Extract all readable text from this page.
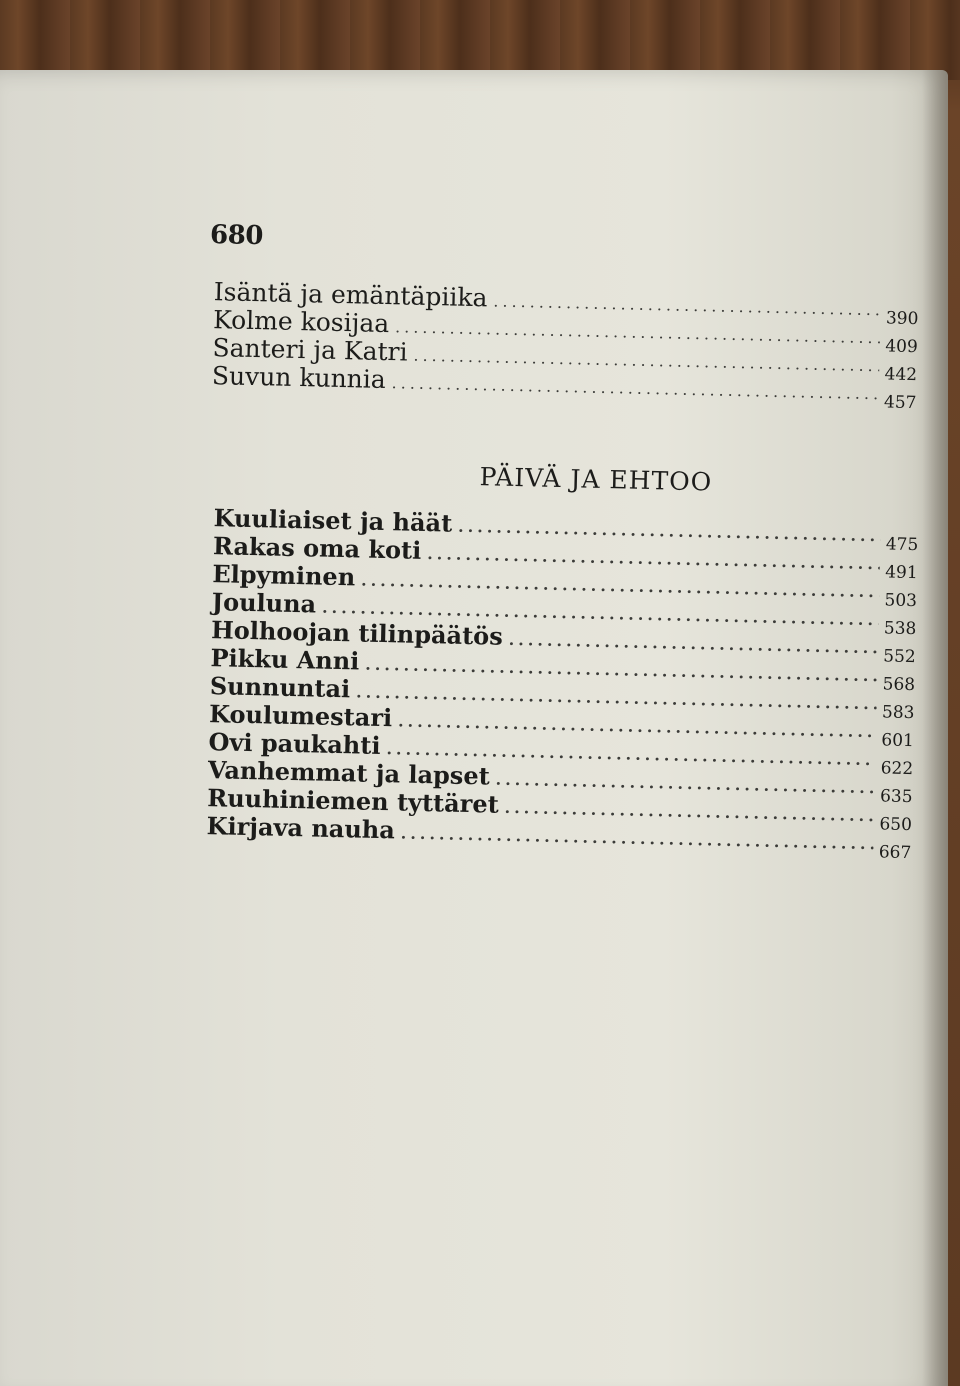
680
Isäntä ja emäntäpiika
.....
390
Kolme kosijaa
.....
409
Santeri ja Katri
.....
442
Suvun kunnia
.....
457
PÄIVÄ JA EHTOO
Kuuliaiset ja häät
.....
475
Rakas oma koti
.....
491
Elpyminen
.....
503
Jouluna
.....
538
Holhoojan tilinpäätös
.....
552
Pikku Anni
.....
568
Sunnuntai
.....
583
Koulumestari
.....
601
Ovi paukahti
.....
622
Vanhemmat ja lapset
.....
635
Ruuhiniemen tyttäret
.....
650
Kirjava nauha
.....
667
